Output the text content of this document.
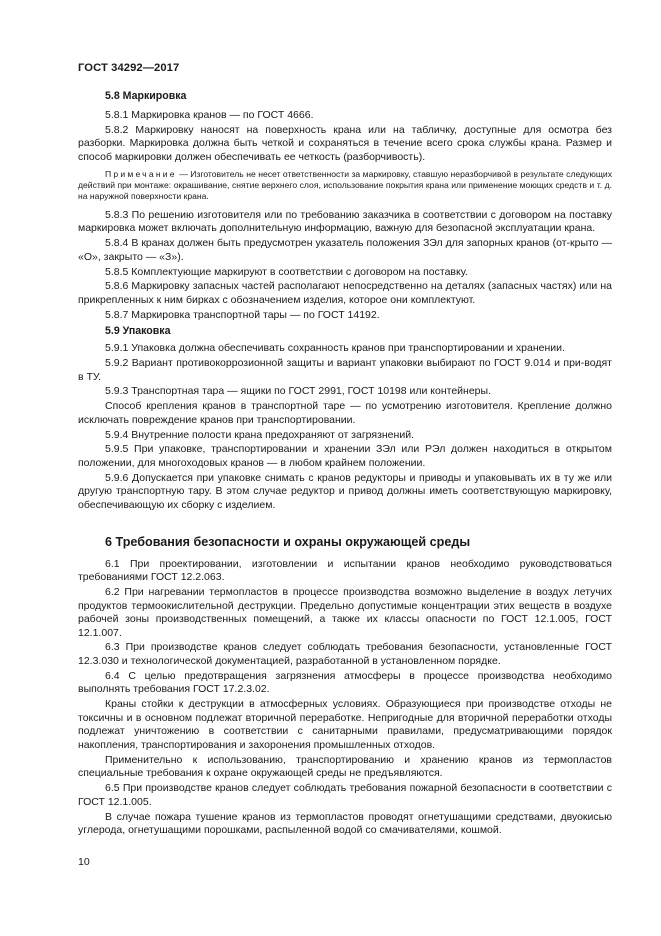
ГОСТ 34292—2017
5.8 Маркировка

5.8.1 Маркировка кранов — по ГОСТ 4666.

5.8.2 Маркировку наносят на поверхность крана или на табличку, доступные для осмотра без разборки. Маркировка должна быть четкой и сохраняться в течение всего срока службы крана. Размер и способ маркировки должен обеспечивать ее четкость (разборчивость).

Примечание — Изготовитель не несет ответственности за маркировку, ставшую неразборчивой в результате следующих действий при монтаже: окрашивание, снятие верхнего слоя, использование покрытия крана или применение моющих средств и т. д. на наружной поверхности крана.

5.8.3 По решению изготовителя или по требованию заказчика в соответствии с договором на поставку маркировка может включать дополнительную информацию, важную для безопасной эксплуатации крана.

5.8.4 В кранах должен быть предусмотрен указатель положения ЗЭл для запорных кранов (от-крыто — «О», закрыто — «З»).

5.8.5 Комплектующие маркируют в соответствии с договором на поставку.

5.8.6 Маркировку запасных частей располагают непосредственно на деталях (запасных частях) или на прикрепленных к ним бирках с обозначением изделия, которое они комплектуют.

5.8.7 Маркировка транспортной тары — по ГОСТ 14192.

5.9 Упаковка

5.9.1 Упаковка должна обеспечивать сохранность кранов при транспортировании и хранении.

5.9.2 Вариант противокоррозионной защиты и вариант упаковки выбирают по ГОСТ 9.014 и при-водят в ТУ.

5.9.3 Транспортная тара — ящики по ГОСТ 2991, ГОСТ 10198 или контейнеры.

Способ крепления кранов в транспортной таре — по усмотрению изготовителя. Крепление должно исключать повреждение кранов при транспортировании.

5.9.4 Внутренние полости крана предохраняют от загрязнений.

5.9.5 При упаковке, транспортировании и хранении ЗЭл или РЭл должен находиться в открытом положении, для многоходовых кранов — в любом крайнем положении.

5.9.6 Допускается при упаковке снимать с кранов редукторы и приводы и упаковывать их в ту же или другую транспортную тару. В этом случае редуктор и привод должны иметь соответствующую маркировку, обеспечивающую их сборку с изделием.

6 Требования безопасности и охраны окружающей среды

6.1 При проектировании, изготовлении и испытании кранов необходимо руководствоваться требованиями ГОСТ 12.2.063.

6.2 При нагревании термопластов в процессе производства возможно выделение в воздух летучих продуктов термоокислительной деструкции. Предельно допустимые концентрации этих веществ в воздухе рабочей зоны производственных помещений, а также их классы опасности по ГОСТ 12.1.005, ГОСТ 12.1.007.

6.3 При производстве кранов следует соблюдать требования безопасности, установленные ГОСТ 12.3.030 и технологической документацией, разработанной в установленном порядке.

6.4 С целью предотвращения загрязнения атмосферы в процессе производства необходимо выполнять требования ГОСТ 17.2.3.02.

Краны стойки к деструкции в атмосферных условиях. Образующиеся при производстве отходы не токсичны и в основном подлежат вторичной переработке. Непригодные для вторичной переработки отходы подлежат уничтожению в соответствии с санитарными правилами, предусматривающими порядок накопления, транспортирования и захоронения промышленных отходов.

Применительно к использованию, транспортированию и хранению кранов из термопластов специальные требования к охране окружающей среды не предъявляются.

6.5 При производстве кранов следует соблюдать требования пожарной безопасности в соответствии с ГОСТ 12.1.005.

В случае пожара тушение кранов из термопластов проводят огнетушащими средствами, двуокисью углерода, огнетушащими порошками, распыленной водой со смачивателями, кошмой.

10
